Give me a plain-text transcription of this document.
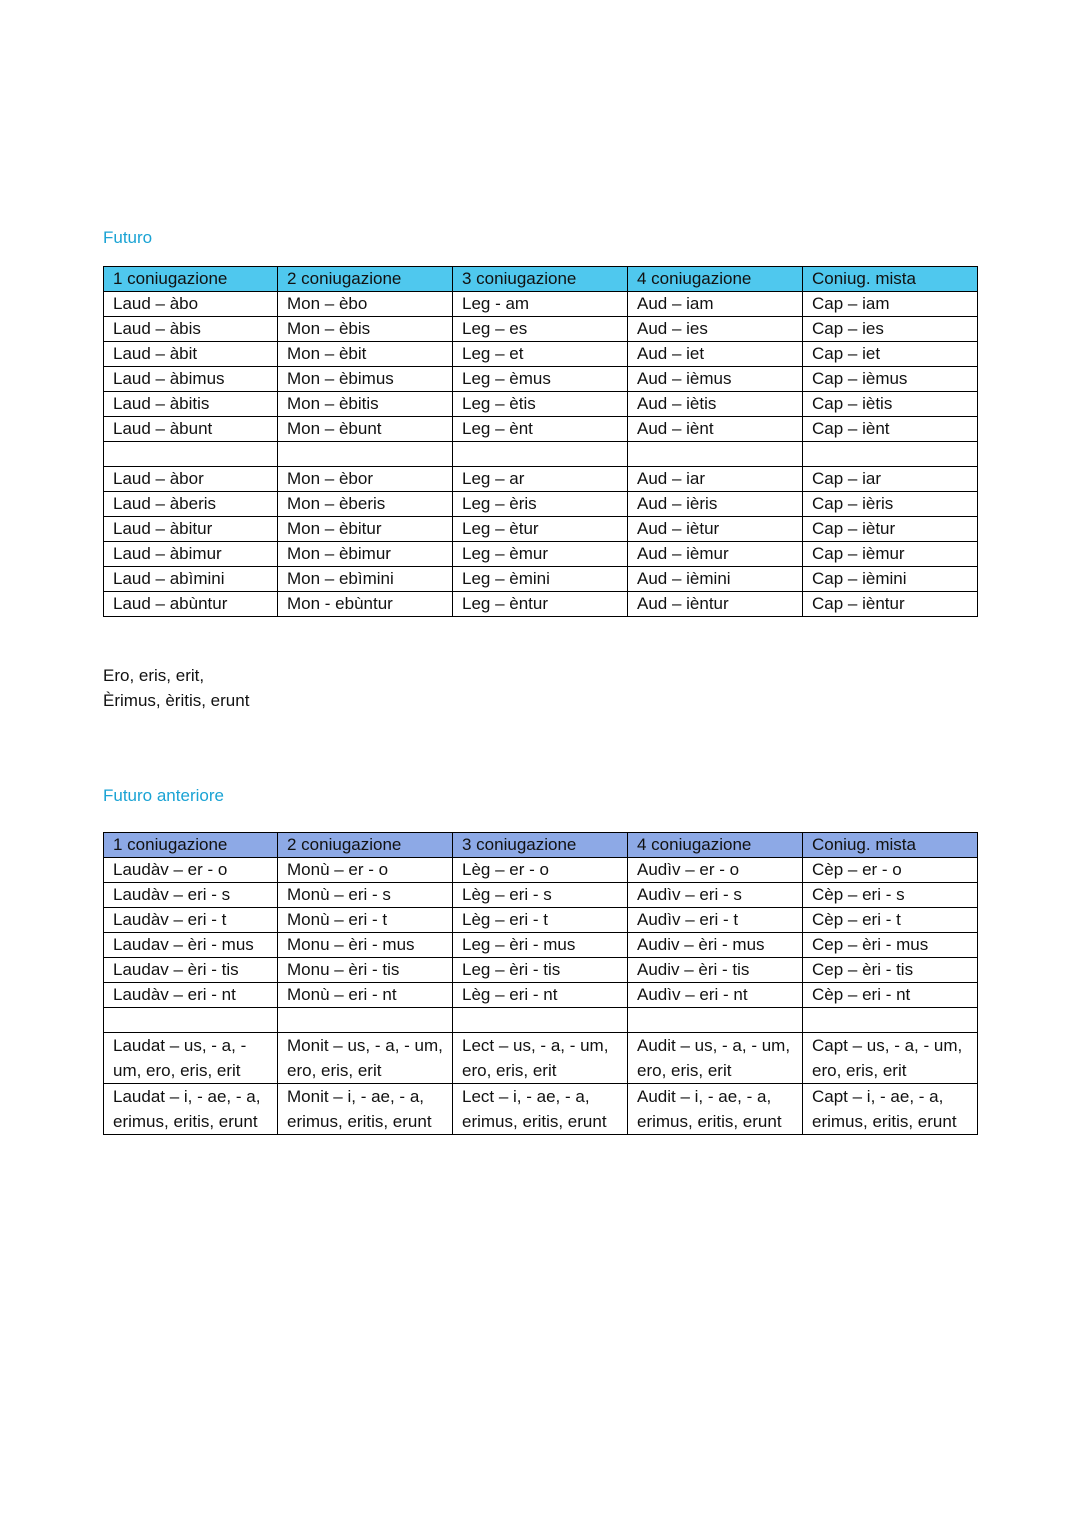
Futuro
1 coniugazione	2 coniugazione	3 coniugazione	4 coniugazione	Coniug. mista
Laud – àbo	Mon – èbo	Leg - am	Aud – iam	Cap – iam
Laud – àbis	Mon – èbis	Leg – es	Aud – ies	Cap – ies
Laud – àbit	Mon – èbit	Leg – et	Aud – iet	Cap – iet
Laud – àbimus	Mon – èbimus	Leg – èmus	Aud – ièmus	Cap – ièmus
Laud – àbitis	Mon – èbitis	Leg – ètis	Aud – iètis	Cap – iètis
Laud – àbunt	Mon – èbunt	Leg – ènt	Aud – iènt	Cap – iènt

Laud – àbor	Mon – èbor	Leg – ar	Aud – iar	Cap – iar
Laud – àberis	Mon – èberis	Leg – èris	Aud – ièris	Cap – ièris
Laud – àbitur	Mon – èbitur	Leg – ètur	Aud – iètur	Cap – iètur
Laud – àbimur	Mon – èbimur	Leg – èmur	Aud – ièmur	Cap – ièmur
Laud – abìmini	Mon – ebìmini	Leg – èmini	Aud – ièmini	Cap – ièmini
Laud – abùntur	Mon - ebùntur	Leg – èntur	Aud – ièntur	Cap – ièntur
Ero, eris, erit,
Èrimus, èritis, erunt
Futuro anteriore
1 coniugazione	2 coniugazione	3 coniugazione	4 coniugazione	Coniug. mista
Laudàv – er - o	Monù – er - o	Lèg – er - o	Audìv – er - o	Cèp – er - o
Laudàv – eri - s	Monù – eri - s	Lèg – eri - s	Audìv – eri - s	Cèp – eri - s
Laudàv – eri - t	Monù – eri - t	Lèg – eri - t	Audìv – eri - t	Cèp – eri - t
Laudav – èri - mus	Monu – èri - mus	Leg – èri - mus	Audiv – èri - mus	Cep – èri - mus
Laudav – èri - tis	Monu – èri - tis	Leg – èri - tis	Audiv – èri - tis	Cep – èri - tis
Laudàv – eri - nt	Monù – eri - nt	Lèg – eri - nt	Audìv – eri - nt	Cèp – eri - nt

Laudat – us, - a, - um, ero, eris, erit	Monit – us, - a, - um, ero, eris, erit	Lect – us, - a, - um, ero, eris, erit	Audit – us, - a, - um, ero, eris, erit	Capt – us, - a, - um, ero, eris, erit
Laudat – i, - ae, - a, erimus, eritis, erunt	Monit – i, - ae, - a, erimus, eritis, erunt	Lect – i, - ae, - a, erimus, eritis, erunt	Audit – i, - ae, - a, erimus, eritis, erunt	Capt – i, - ae, - a, erimus, eritis, erunt
